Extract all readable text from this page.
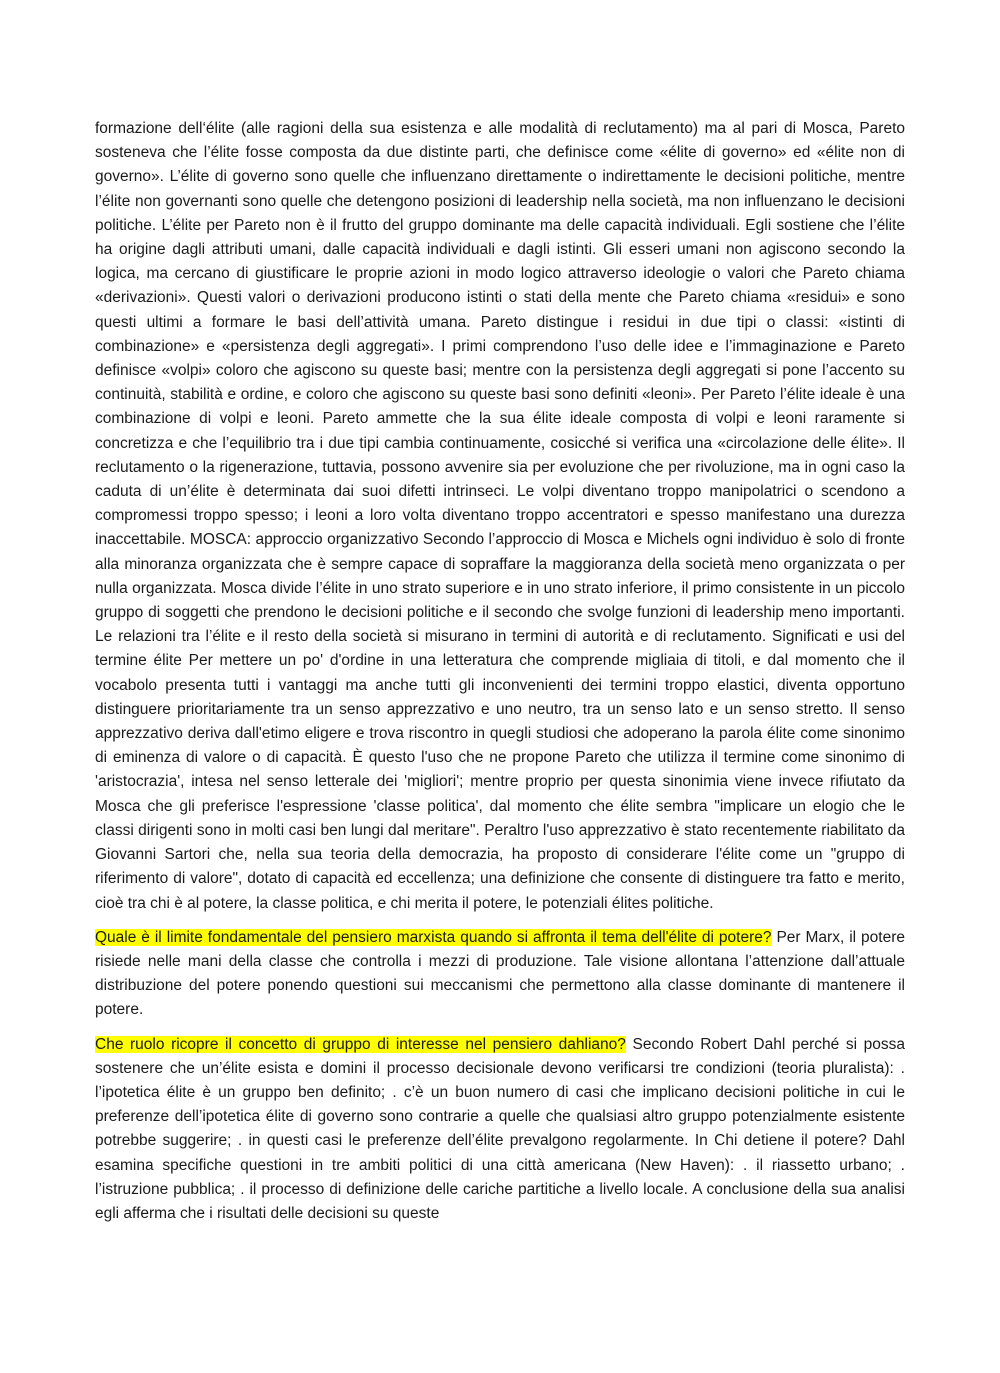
formazione dell‘élite (alle ragioni della sua esistenza e alle modalità di reclutamento) ma al pari di Mosca, Pareto sosteneva che l’élite fosse composta da due distinte parti, che definisce come «élite di governo» ed «élite non di governo». L’élite di governo sono quelle che influenzano direttamente o indirettamente le decisioni politiche, mentre l’élite non governanti sono quelle che detengono posizioni di leadership nella società, ma non influenzano le decisioni politiche. L’élite per Pareto non è il frutto del gruppo dominante ma delle capacità individuali. Egli sostiene che l’élite ha origine dagli attributi umani, dalle capacità individuali e dagli istinti. Gli esseri umani non agiscono secondo la logica, ma cercano di giustificare le proprie azioni in modo logico attraverso ideologie o valori che Pareto chiama «derivazioni». Questi valori o derivazioni producono istinti o stati della mente che Pareto chiama «residui» e sono questi ultimi a formare le basi dell’attività umana. Pareto distingue i residui in due tipi o classi: «istinti di combinazione» e «persistenza degli aggregati». I primi comprendono l’uso delle idee e l’immaginazione e Pareto definisce «volpi» coloro che agiscono su queste basi; mentre con la persistenza degli aggregati si pone l’accento su continuità, stabilità e ordine, e coloro che agiscono su queste basi sono definiti «leoni». Per Pareto l’élite ideale è una combinazione di volpi e leoni. Pareto ammette che la sua élite ideale composta di volpi e leoni raramente si concretizza e che l’equilibrio tra i due tipi cambia continuamente, cosicché si verifica una «circolazione delle élite». Il reclutamento o la rigenerazione, tuttavia, possono avvenire sia per evoluzione che per rivoluzione, ma in ogni caso la caduta di un’élite è determinata dai suoi difetti intrinseci. Le volpi diventano troppo manipolatrici o scendono a compromessi troppo spesso; i leoni a loro volta diventano troppo accentratori e spesso manifestano una durezza inaccettabile. MOSCA: approccio organizzativo Secondo l’approccio di Mosca e Michels ogni individuo è solo di fronte alla minoranza organizzata che è sempre capace di sopraffare la maggioranza della società meno organizzata o per nulla organizzata. Mosca divide l’élite in uno strato superiore e in uno strato inferiore, il primo consistente in un piccolo gruppo di soggetti che prendono le decisioni politiche e il secondo che svolge funzioni di leadership meno importanti. Le relazioni tra l’élite e il resto della società si misurano in termini di autorità e di reclutamento. Significati e usi del termine élite Per mettere un po' d'ordine in una letteratura che comprende migliaia di titoli, e dal momento che il vocabolo presenta tutti i vantaggi ma anche tutti gli inconvenienti dei termini troppo elastici, diventa opportuno distinguere prioritariamente tra un senso apprezzativo e uno neutro, tra un senso lato e un senso stretto. Il senso apprezzativo deriva dall'etimo eligere e trova riscontro in quegli studiosi che adoperano la parola élite come sinonimo di eminenza di valore o di capacità. È questo l'uso che ne propone Pareto che utilizza il termine come sinonimo di 'aristocrazia', intesa nel senso letterale dei 'migliori'; mentre proprio per questa sinonimia viene invece rifiutato da Mosca che gli preferisce l'espressione 'classe politica', dal momento che élite sembra "implicare un elogio che le classi dirigenti sono in molti casi ben lungi dal meritare". Peraltro l'uso apprezzativo è stato recentemente riabilitato da Giovanni Sartori che, nella sua teoria della democrazia, ha proposto di considerare l'élite come un "gruppo di riferimento di valore", dotato di capacità ed eccellenza; una definizione che consente di distinguere tra fatto e merito, cioè tra chi è al potere, la classe politica, e chi merita il potere, le potenziali élites politiche.

Quale è il limite fondamentale del pensiero marxista quando si affronta il tema dell'élite di potere? Per Marx, il potere risiede nelle mani della classe che controlla i mezzi di produzione. Tale visione allontana l’attenzione dall’attuale distribuzione del potere ponendo questioni sui meccanismi che permettono alla classe dominante di mantenere il potere.

Che ruolo ricopre il concetto di gruppo di interesse nel pensiero dahliano? Secondo Robert Dahl perché si possa sostenere che un’élite esista e domini il processo decisionale devono verificarsi tre condizioni (teoria pluralista): . l’ipotetica élite è un gruppo ben definito; . c’è un buon numero di casi che implicano decisioni politiche in cui le preferenze dell’ipotetica élite di governo sono contrarie a quelle che qualsiasi altro gruppo potenzialmente esistente potrebbe suggerire; . in questi casi le preferenze dell’élite prevalgono regolarmente. In Chi detiene il potere? Dahl esamina specifiche questioni in tre ambiti politici di una città americana (New Haven): . il riassetto urbano; . l’istruzione pubblica; . il processo di definizione delle cariche partitiche a livello locale. A conclusione della sua analisi egli afferma che i risultati delle decisioni su queste
